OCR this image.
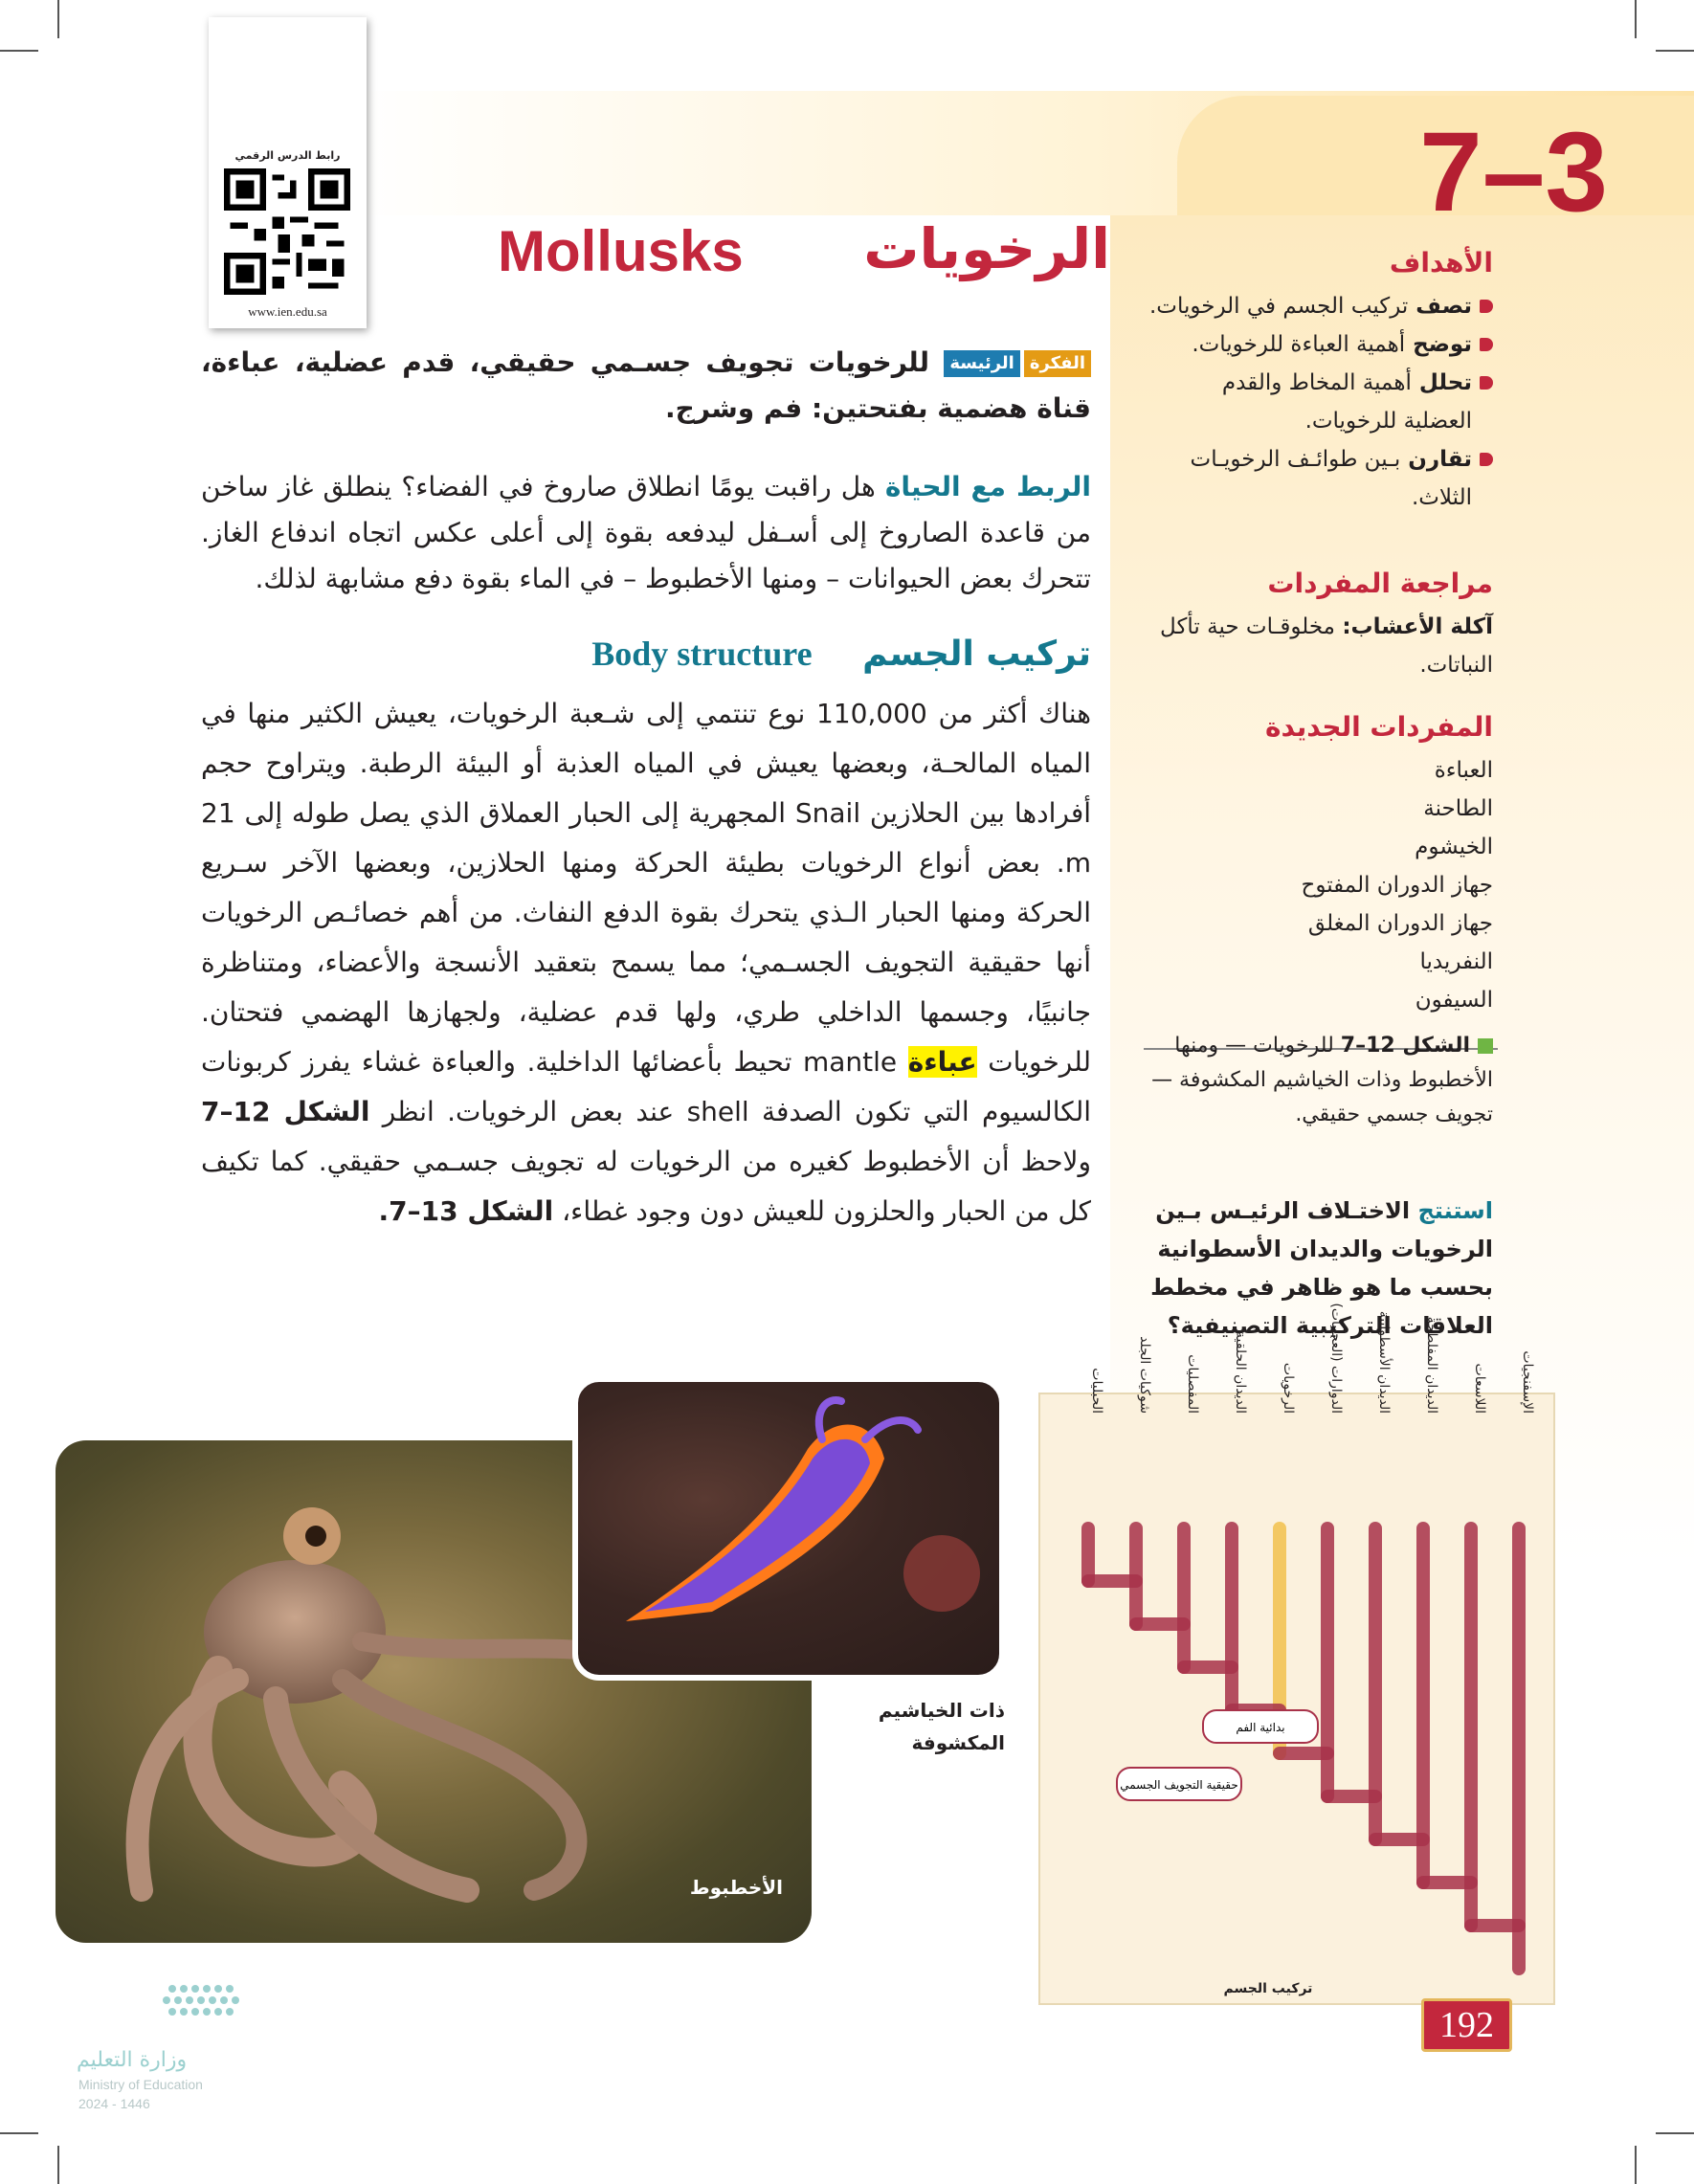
7–3
الرخويات
Mollusks
رابط الدرس الرقمي
www.ien.edu.sa
الفكرةالرئيسة للرخويات تجويف جسـمي حقيقي، قدم عضلية، عباءة، قناة هضمية بفتحتين: فم وشرج.
الربط مع الحياة هل راقبت يومًا انطلاق صاروخ في الفضاء؟ ينطلق غاز ساخن من قاعدة الصاروخ إلى أسـفل ليدفعه بقوة إلى أعلى عكس اتجاه اندفاع الغاز. تتحرك بعض الحيوانات – ومنها الأخطبوط – في الماء بقوة دفع مشابهة لذلك.
تركيب الجسم Body structure
هناك أكثر من 110,000 نوع تنتمي إلى شـعبة الرخويات، يعيش الكثير منها في المياه المالحـة، وبعضها يعيش في المياه العذبة أو البيئة الرطبة. ويتراوح حجم أفرادها بين الحلازين Snail المجهرية إلى الحبار العملاق الذي يصل طوله إلى 21 m. بعض أنواع الرخويات بطيئة الحركة ومنها الحلازين، وبعضها الآخر سـريع الحركة ومنها الحبار الـذي يتحرك بقوة الدفع النفاث. من أهم خصائـص الرخويات أنها حقيقية التجويف الجسـمي؛ مما يسمح بتعقيد الأنسجة والأعضاء، ومتناظرة جانبيًا، وجسمها الداخلي طري، ولها قدم عضلية، ولجهازها الهضمي فتحتان. للرخويات عباءة mantle تحيط بأعضائها الداخلية. والعباءة غشاء يفرز كربونات الكالسيوم التي تكون الصدفة shell عند بعض الرخويات. انظر الشكل 12–7 ولاحظ أن الأخطبوط كغيره من الرخويات له تجويف جسـمي حقيقي. كما تكيف كل من الحبار والحلزون للعيش دون وجود غطاء، الشكل 13–7.
الأهداف
تصف تركيب الجسم في الرخويات.
توضح أهمية العباءة للرخويات.
تحلل أهمية المخاط والقدم العضلية للرخويات.
تقارن بـين طوائـف الرخويـات الثلاث.
مراجعة المفردات
آكلة الأعشاب: مخلوقـات حية تأكل النباتات.
المفردات الجديدة
العباءة
الطاحنة
الخيشوم
جهاز الدوران المفتوح
جهاز الدوران المغلق
النفريديا
السيفون
الشكل 12–7 للرخويات — ومنها الأخطبوط وذات الخياشيم المكشوفة — تجويف جسمي حقيقي.
استنتج الاختـلاف الرئيـس بـين الرخويات والديدان الأسطوانية بحسب ما هو ظاهر في مخطط العلاقات التركيبية التصنيفية؟
الأخطبوط
ذات الخياشيم المكشوفة
الإسفنجيات
اللاسعات
الديدان المفلطحة
الديدان الأسطوانية
الدوارات (العجليات)
الرخويات
الديدان الحلقية
المفصليات
شوكيات الجلد
الحبليات
بدائية الفم
حقيقية التجويف الجسمي
تركيب الجسم
192
وزارة التعليم
Ministry of Education
2024 - 1446
